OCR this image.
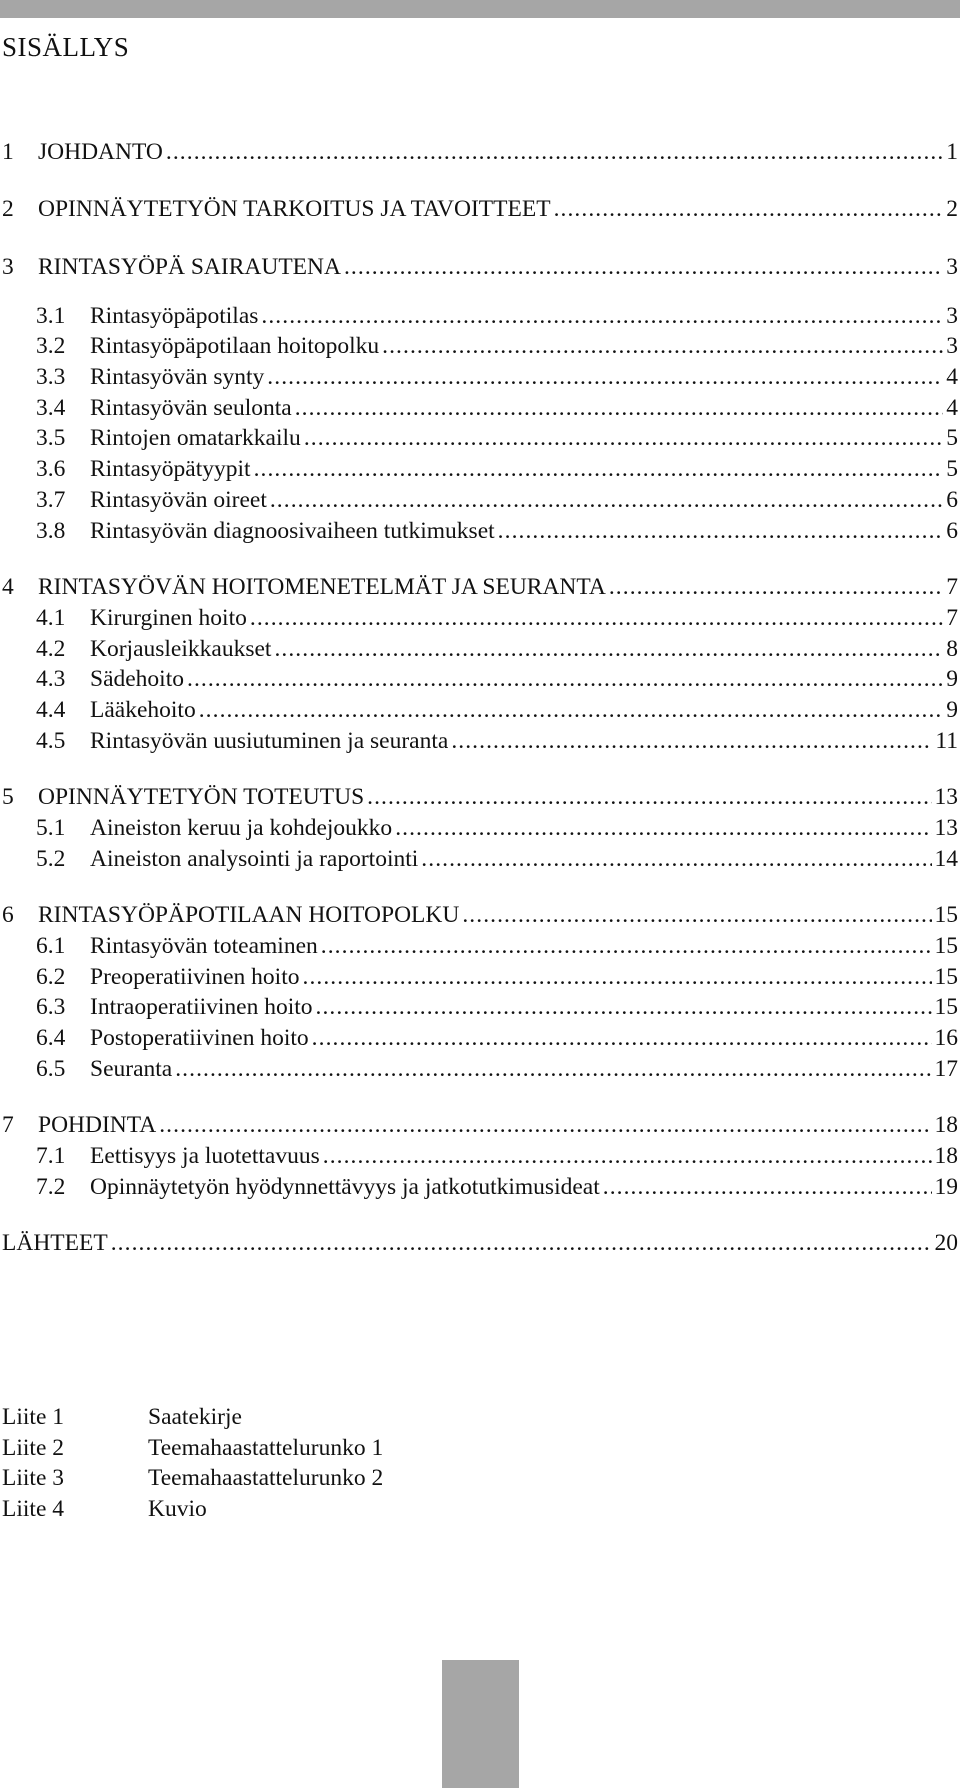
SISÄLLYS
1	JOHDANTO . . .	1
2	OPINNÄYTETYÖN TARKOITUS JA TAVOITTEET . . .	2
3	RINTASYÖPÄ SAIRAUTENA . . .	3
3.1	Rintasyöpäpotilas . . .	3
3.2	Rintasyöpäpotilaan hoitopolku . . .	3
3.3	Rintasyövän synty . . .	4
3.4	Rintasyövän seulonta . . .	4
3.5	Rintojen omatarkkailu . . .	5
3.6	Rintasyöpätyypit . . .	5
3.7	Rintasyövän oireet . . .	6
3.8	Rintasyövän diagnoosivaiheen tutkimukset . . .	6
4	RINTASYÖVÄN HOITOMENETELMÄT JA SEURANTA . . .	7
4.1	Kirurginen hoito . . .	7
4.2	Korjausleikkaukset . . .	8
4.3	Sädehoito . . .	9
4.4	Lääkehoito . . .	9
4.5	Rintasyövän uusiutuminen ja seuranta . . .	11
5	OPINNÄYTETYÖN TOTEUTUS . . .	13
5.1	Aineiston keruu ja kohdejoukko . . .	13
5.2	Aineiston analysointi ja raportointi . . .	14
6	RINTASYÖPÄPOTILAAN HOITOPOLKU . . .	15
6.1	Rintasyövän toteaminen . . .	15
6.2	Preoperatiivinen hoito . . .	15
6.3	Intraoperatiivinen hoito . . .	15
6.4	Postoperatiivinen hoito . . .	16
6.5	Seuranta . . .	17
7	POHDINTA . . .	18
7.1	Eettisyys ja luotettavuus . . .	18
7.2	Opinnäytetyön hyödynnettävyys ja jatkotutkimusideat . . .	19
LÄHTEET . . .	20
Liite 1	Saatekirje
Liite 2	Teemahaastattelurunko 1
Liite 3	Teemahaastattelurunko 2
Liite 4	Kuvio
